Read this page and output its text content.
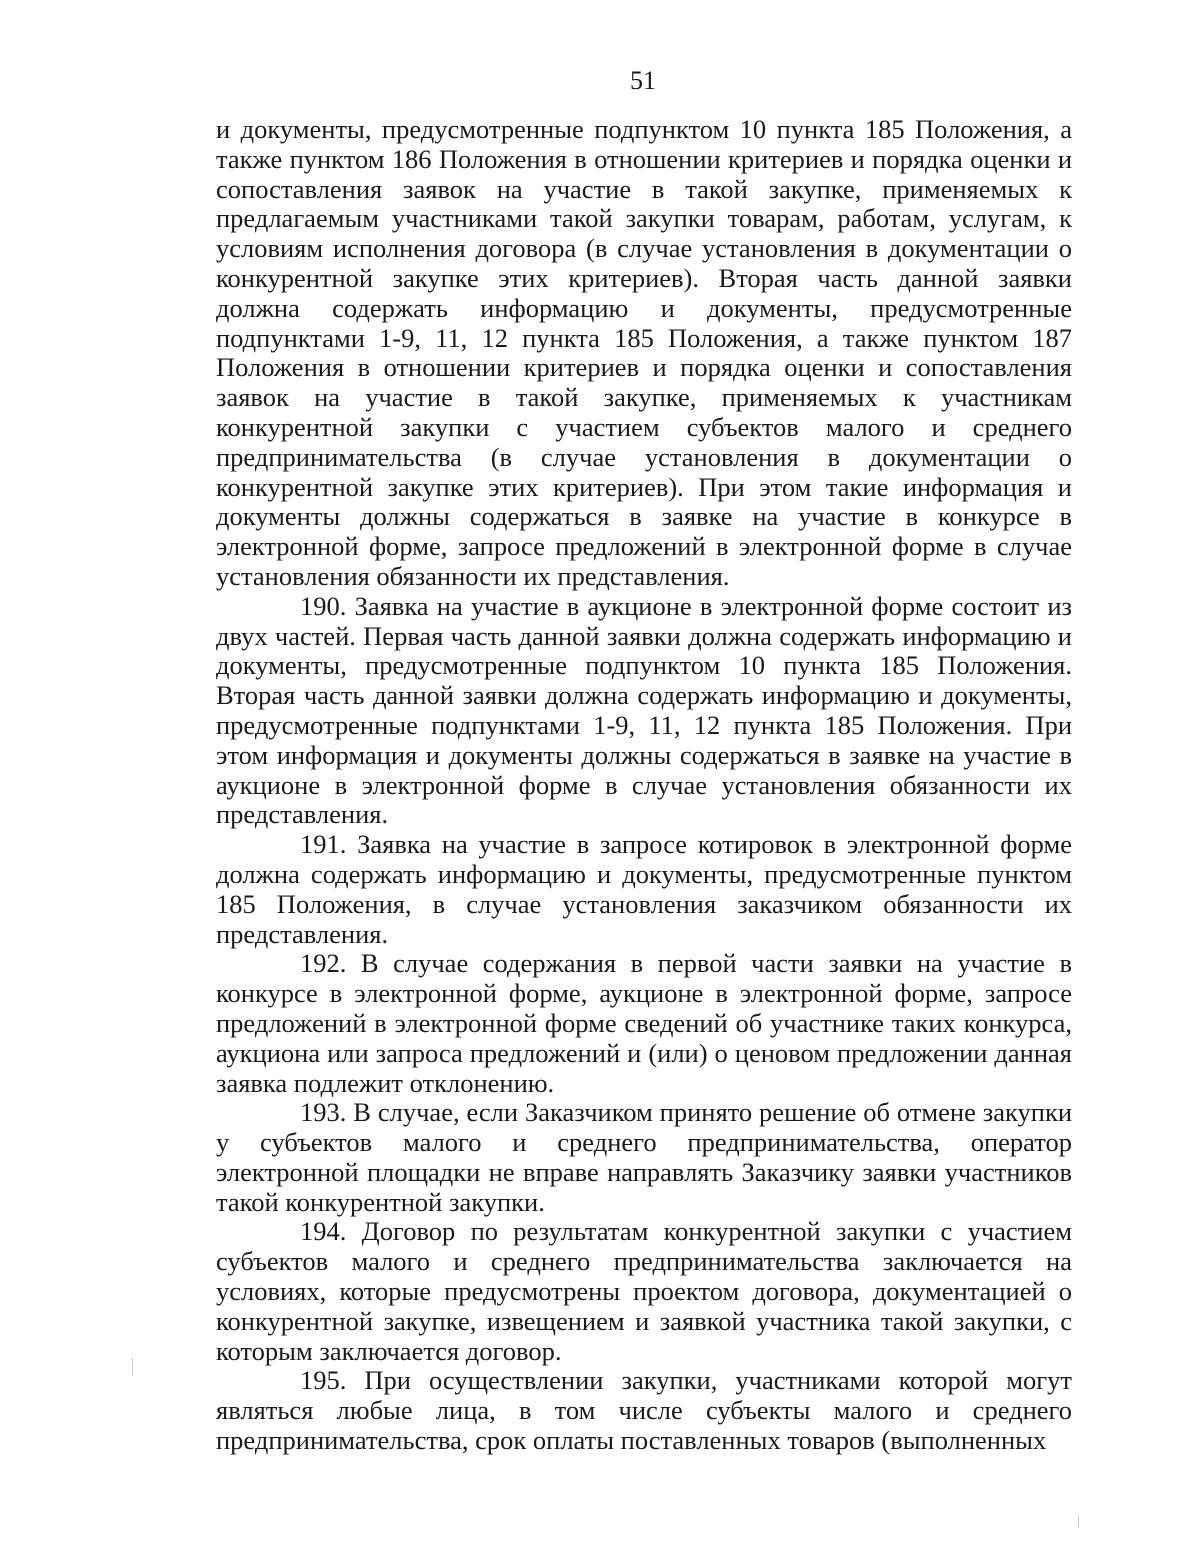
51

и документы, предусмотренные подпунктом 10 пункта 185 Положения, а также пунктом 186 Положения в отношении критериев и порядка оценки и сопоставления заявок на участие в такой закупке, применяемых к предлагаемым участниками такой закупки товарам, работам, услугам, к условиям исполнения договора (в случае установления в документации о конкурентной закупке этих критериев). Вторая часть данной заявки должна содержать информацию и документы, предусмотренные подпунктами 1-9, 11, 12 пункта 185 Положения, а также пунктом 187 Положения в отношении критериев и порядка оценки и сопоставления заявок на участие в такой закупке, применяемых к участникам конкурентной закупки с участием субъектов малого и среднего предпринимательства (в случае установления в документации о конкурентной закупке этих критериев). При этом такие информация и документы должны содержаться в заявке на участие в конкурсе в электронной форме, запросе предложений в электронной форме в случае установления обязанности их представления.

190. Заявка на участие в аукционе в электронной форме состоит из двух частей. Первая часть данной заявки должна содержать информацию и документы, предусмотренные подпунктом 10 пункта 185 Положения. Вторая часть данной заявки должна содержать информацию и документы, предусмотренные подпунктами 1-9, 11, 12 пункта 185 Положения. При этом информация и документы должны содержаться в заявке на участие в аукционе в электронной форме в случае установления обязанности их представления.

191. Заявка на участие в запросе котировок в электронной форме должна содержать информацию и документы, предусмотренные пунктом 185 Положения, в случае установления заказчиком обязанности их представления.

192. В случае содержания в первой части заявки на участие в конкурсе в электронной форме, аукционе в электронной форме, запросе предложений в электронной форме сведений об участнике таких конкурса, аукциона или запроса предложений и (или) о ценовом предложении данная заявка подлежит отклонению.

193. В случае, если Заказчиком принято решение об отмене закупки у субъектов малого и среднего предпринимательства, оператор электронной площадки не вправе направлять Заказчику заявки участников такой конкурентной закупки.

194. Договор по результатам конкурентной закупки с участием субъектов малого и среднего предпринимательства заключается на условиях, которые предусмотрены проектом договора, документацией о конкурентной закупке, извещением и заявкой участника такой закупки, с которым заключается договор.

195. При осуществлении закупки, участниками которой могут являться любые лица, в том числе субъекты малого и среднего предпринимательства, срок оплаты поставленных товаров (выполненных
